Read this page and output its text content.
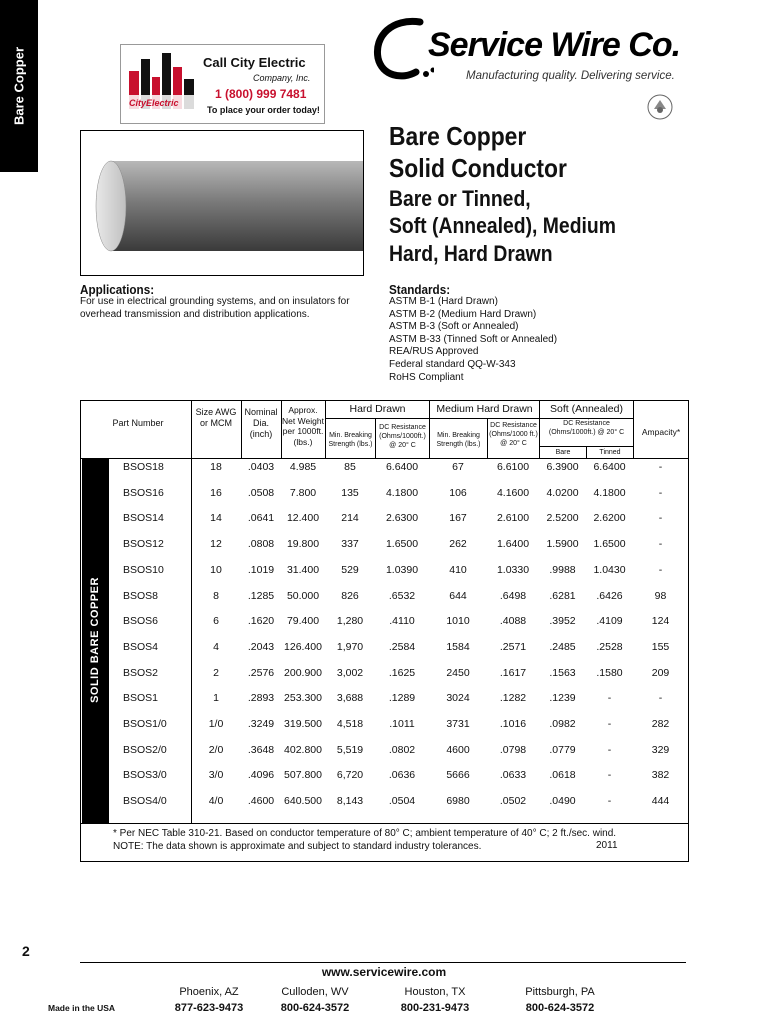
Bare Copper	CityElectric
Call City Electric
Company, Inc.
1 (800) 999 7481
To place your order today!
Service Wire Co.
Manufacturing quality. Delivering service.
Bare Copper
Solid Conductor
Bare or Tinned,
Soft (Annealed), Medium
Hard, Hard Drawn
Applications:
For use in electrical grounding systems, and on insulators for overhead transmission and distribution applications.
Standards:
ASTM B-1 (Hard Drawn)
ASTM B-2 (Medium Hard Drawn)
ASTM B-3 (Soft or Annealed)
ASTM B-33 (Tinned Soft or Annealed)
REA/RUS Approved
Federal standard QQ-W-343
RoHS Compliant
Part Number
Size AWG or MCM
Nominal Dia. (inch)
Approx. Net Weight per 1000ft. (lbs.)
Hard Drawn	Medium Hard Drawn	Soft (Annealed)
Ampacity*
Min. Breaking Strength (lbs.)
DC Resistance (Ohms/1000ft.) @ 20° C
Min. Breaking Strength (lbs.)
DC Resistance (Ohms/1000 ft.) @ 20° C
DC Resistance (Ohms/1000ft.) @ 20° C
Bare	Tinned
BSOS18	18	.0403	4.985	85	6.6400	67	6.6100	6.3900	6.6400	-
BSOS16	16	.0508	7.800	135	4.1800	106	4.1600	4.0200	4.1800	-
BSOS14	14	.0641	12.400	214	2.6300	167	2.6100	2.5200	2.6200	-
BSOS12	12	.0808	19.800	337	1.6500	262	1.6400	1.5900	1.6500	-
BSOS10	10	.1019	31.400	529	1.0390	410	1.0330	.9988	1.0430	-
BSOS8	8	.1285	50.000	826	.6532	644	.6498	.6281	.6426	98
BSOS6	6	.1620	79.400	1,280	.4110	1010	.4088	.3952	.4109	124
BSOS4	4	.2043 126.400	1,970	.2584	1584	.2571	.2485	.2528	155
BSOS2	2	.2576 200.900	3,002	.1625	2450	.1617	.1563	.1580	209
BSOS1	1	.2893 253.300	3,688	.1289	3024	.1282	.1239	-	-
BSOS1/0	1/0	.3249 319.500	4,518	.1011	3731	.1016	.0982	-	282
BSOS2/0	2/0	.3648 402.800	5,519	.0802	4600	.0798	.0779	-	329
BSOS3/0	3/0	.4096 507.800	6,720	.0636	5666	.0633	.0618	-	382
BSOS4/0	4/0	.4600 640.500	8,143	.0504	6980	.0502	.0490	-	444
SOLID BARE COPPER
* Per NEC Table 310-21. Based on conductor temperature of 80° C; ambient temperature of 40° C; 2 ft./sec. wind.
NOTE: The data shown is approximate and subject to standard industry tolerances.	2011
2
www.servicewire.com
Phoenix, AZ	Culloden, WV	Houston, TX	Pittsburgh, PA
877-623-9473	800-624-3572	800-231-9473	800-624-3572
Made in the USA
